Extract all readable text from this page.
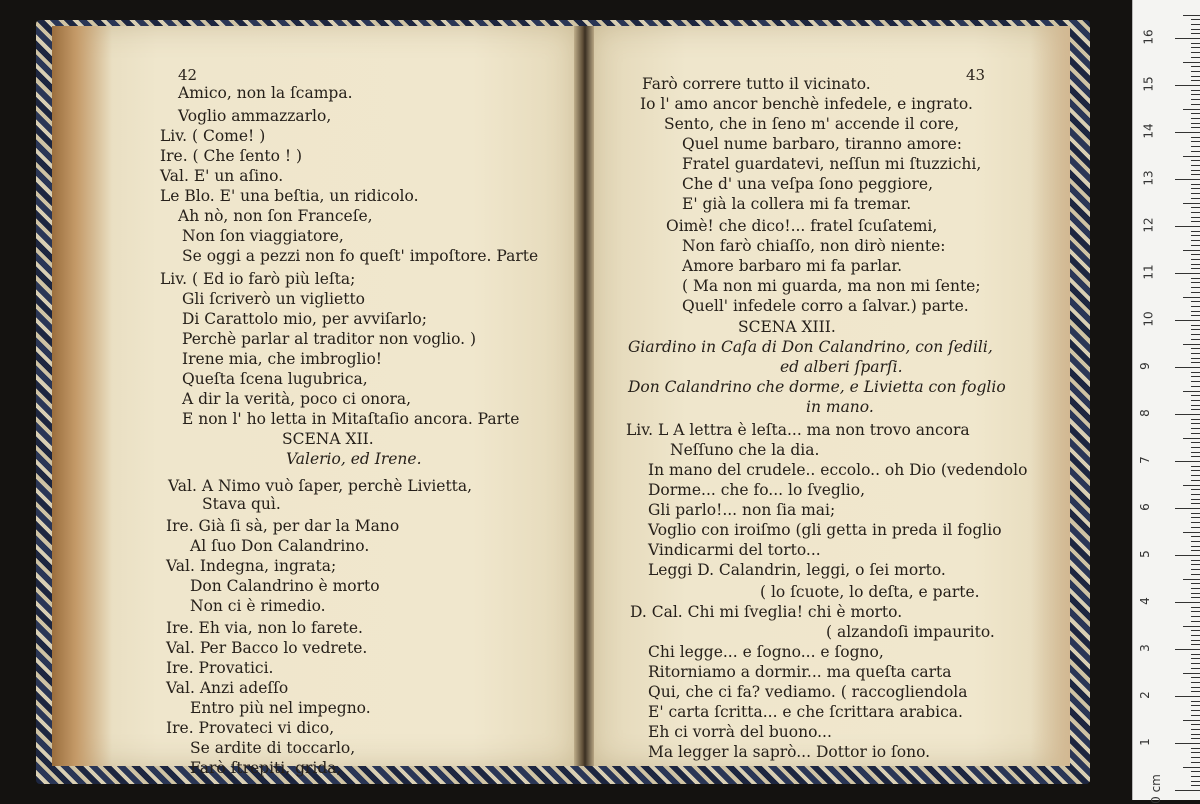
42
Amico, non la ſcampa.
Voglio ammazzarlo,
Liv. ( Come! )
Ire. ( Che ſento ! )
Val. E' un aſino.
Le Blo. E' una beſtia, un ridicolo.
Ah nò, non ſon Franceſe,
Non ſon viaggiatore,
Se oggi a pezzi non fo queſt' impoſtore. Parte
Liv. ( Ed io farò più leſta;
Gli ſcriverò un viglietto
Di Carattolo mio, per avviſarlo;
Perchè parlar al traditor non voglio. )
Irene mia, che imbroglio!
Queſta ſcena lugubrica,
A dir la verità, poco ci onora,
E non l' ho letta in Mitaſtaſio ancora. Parte
SCENA XII.
Valerio, ed Irene.
Val. A Nimo vuò ſaper, perchè Livietta,
Stava quì.
Ire. Già ſi sà, per dar la Mano
Al ſuo Don Calandrino.
Val. Indegna, ingrata;
Don Calandrino è morto
Non ci è rimedio.
Ire. Eh via, non lo farete.
Val. Per Bacco lo vedrete.
Ire. Provatici.
Val. Anzi adeſſo
Entro più nel impegno.
Ire. Provateci vi dico,
Se ardite di toccarlo,
Farò ſtrepiti, grida,
43
Farò correre tutto il vicinato.
Io l' amo ancor benchè infedele, e ingrato.
Sento, che in ſeno m' accende il core,
Quel nume barbaro, tiranno amore:
Fratel guardatevi, neſſun mi ſtuzzichi,
Che d' una veſpa ſono peggiore,
E' già la collera mi fa tremar.
Oimè! che dico!... fratel ſcuſatemi,
Non farò chiaſſo, non dirò niente:
Amore barbaro mi fa parlar.
( Ma non mi guarda, ma non mi ſente;
Quell' infedele corro a ſalvar.) parte.
SCENA XIII.
Giardino in Caſa di Don Calandrino, con ſedili,
ed alberi ſparſi.
Don Calandrino che dorme, e Livietta con foglio
in mano.
Liv. L A lettra è leſta... ma non trovo ancora
Neſſuno che la dia.
In mano del crudele.. eccolo.. oh Dio (vedendolo
Dorme... che fo... lo ſveglio,
Gli parlo!... non ſia mai;
Voglio con iroiſmo (gli getta in preda il foglio
Vindicarmi del torto...
Leggi D. Calandrin, leggi, o ſei morto.
( lo ſcuote, lo deſta, e parte.
D. Cal. Chi mi ſveglia! chi è morto.
( alzandoſi impaurito.
Chi legge... e ſogno... e ſogno,
Ritorniamo a dormir... ma queſta carta
Qui, che ci fa? vediamo. ( raccogliendola
E' carta ſcritta... e che ſcrittara arabica.
Eh ci vorrà del buono...
Ma legger la saprò... Dottor io ſono.
0 cm
1
2
3
4
5
6
7
8
9
10
11
12
13
14
15
16
